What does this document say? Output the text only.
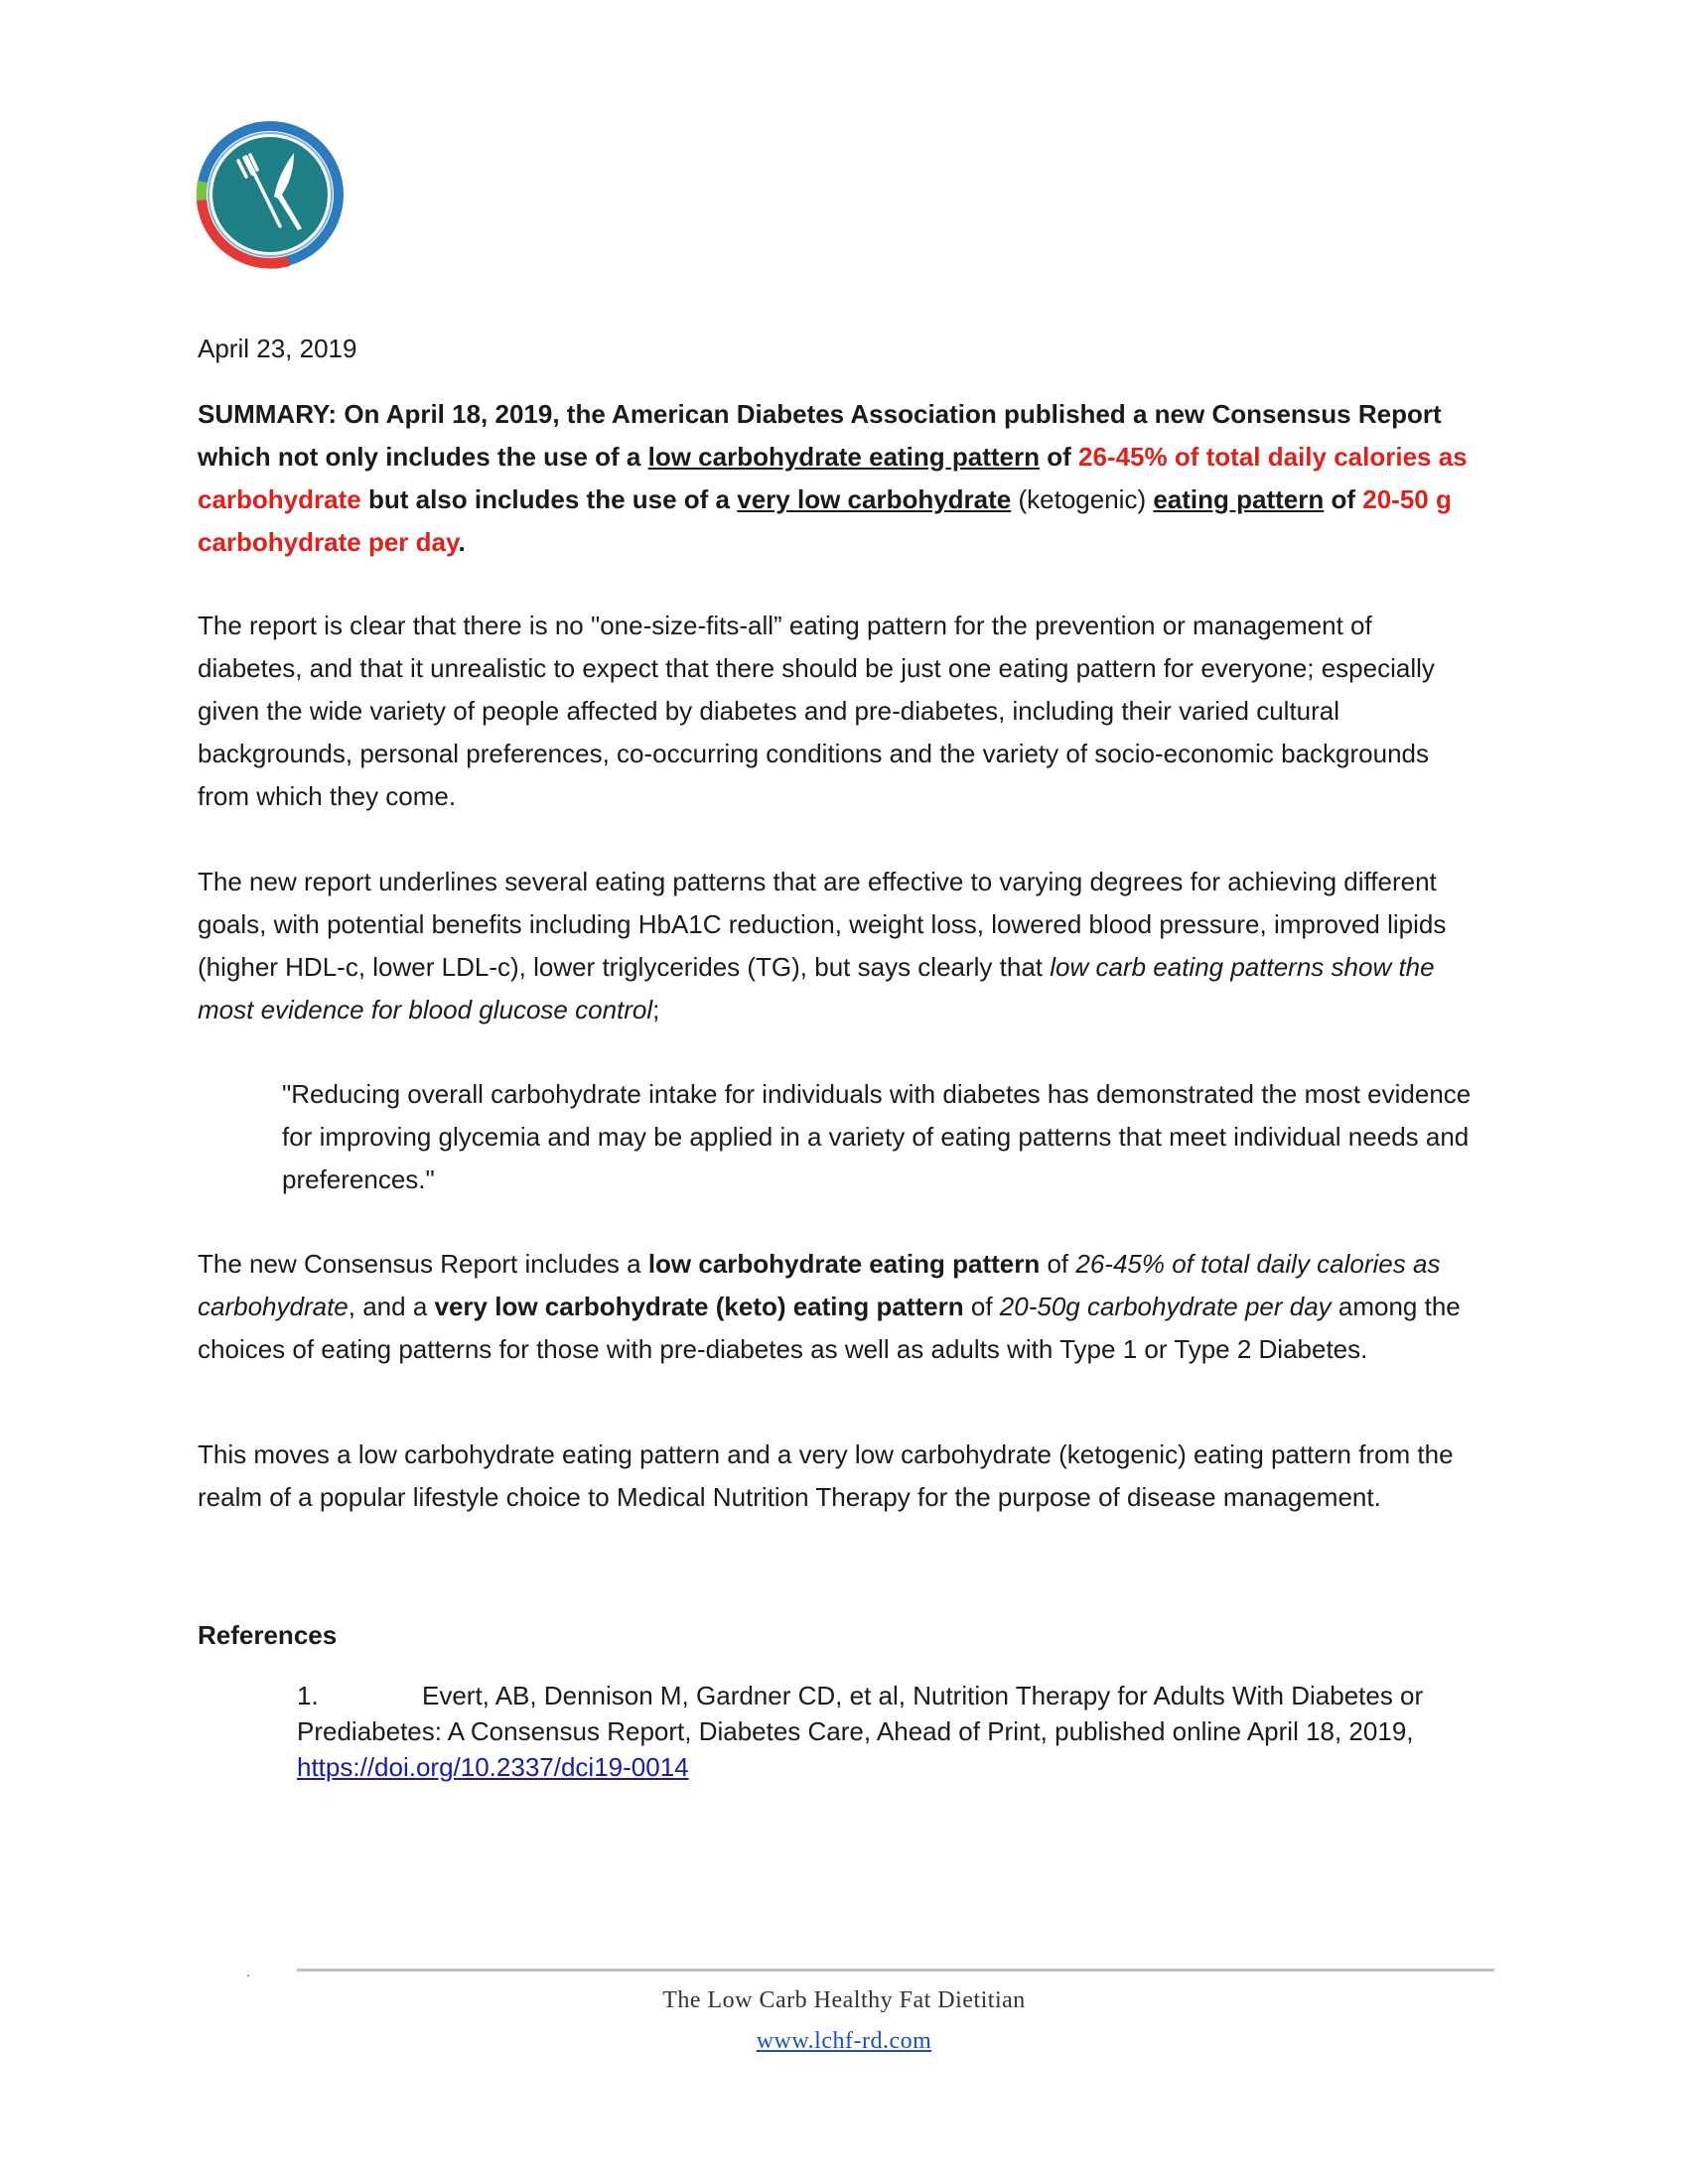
April 23, 2019
SUMMARY: On April 18, 2019, the American Diabetes Association published a new Consensus Report which not only includes the use of a low carbohydrate eating pattern of 26-45% of total daily calories as carbohydrate but also includes the use of a very low carbohydrate (ketogenic) eating pattern of 20-50 g carbohydrate per day.
The report is clear that there is no "one-size-fits-all” eating pattern for the prevention or management of diabetes, and that it unrealistic to expect that there should be just one eating pattern for everyone; especially given the wide variety of people affected by diabetes and pre-diabetes, including their varied cultural backgrounds, personal preferences, co-occurring conditions and the variety of socio-economic backgrounds from which they come.
The new report underlines several eating patterns that are effective to varying degrees for achieving different goals, with potential benefits including HbA1C reduction, weight loss, lowered blood pressure, improved lipids (higher HDL-c, lower LDL-c), lower triglycerides (TG), but says clearly that low carb eating patterns show the most evidence for blood glucose control;
"Reducing overall carbohydrate intake for individuals with diabetes has demonstrated the most evidence for improving glycemia and may be applied in a variety of eating patterns that meet individual needs and preferences."
The new Consensus Report includes a low carbohydrate eating pattern of 26-45% of total daily calories as carbohydrate, and a very low carbohydrate (keto) eating pattern of 20-50g carbohydrate per day among the choices of eating patterns for those with pre-diabetes as well as adults with Type 1 or Type 2 Diabetes.
This moves a low carbohydrate eating pattern and a very low carbohydrate (ketogenic) eating pattern from the realm of a popular lifestyle choice to Medical Nutrition Therapy for the purpose of disease management.
References
1.	Evert, AB, Dennison M, Gardner CD, et al, Nutrition Therapy for Adults With Diabetes or Prediabetes: A Consensus Report, Diabetes Care, Ahead of Print, published online April 18, 2019,
https://doi.org/10.2337/dci19-0014
.
The Low Carb Healthy Fat Dietitian
www.lchf-rd.com
